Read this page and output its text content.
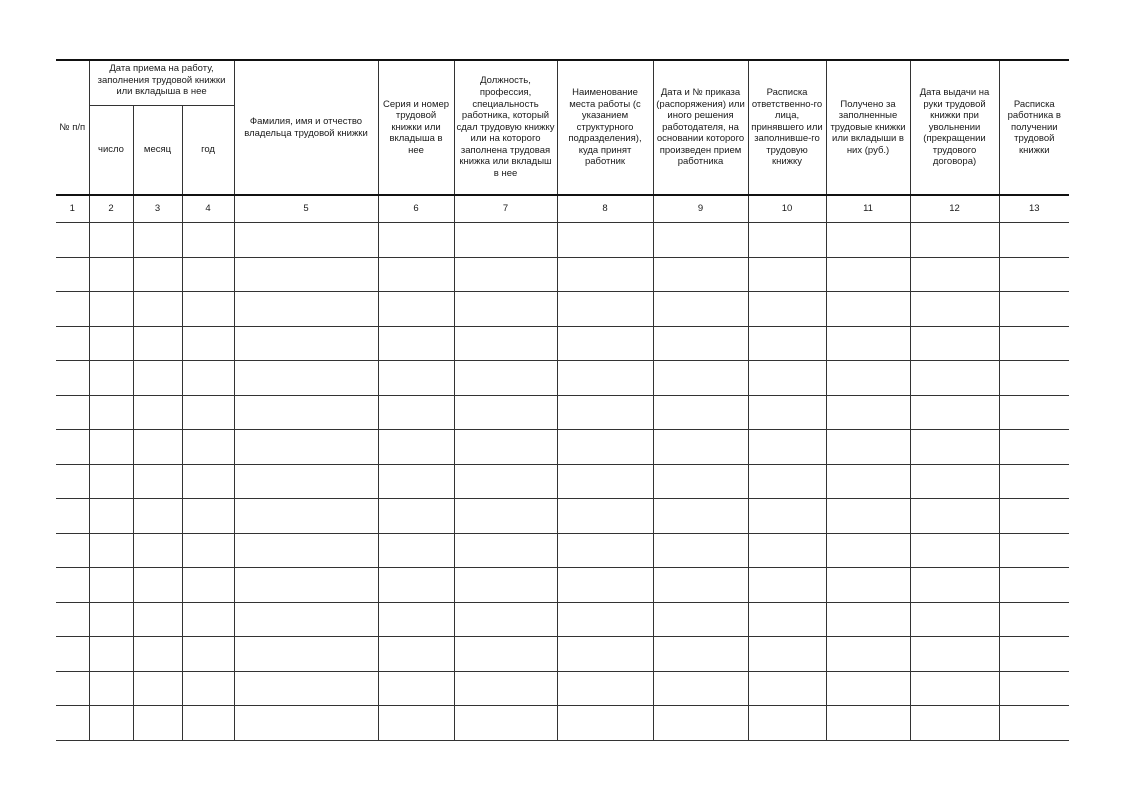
№ п/п	Дата приема на работу, заполнения трудовой книжки или вкладыша в нее			Фамилия, имя и отчество владельца трудовой книжки	Серия и номер трудовой книжки или вкладыша в нее	Должность, профессия, специальность работника, который сдал трудовую книжку или на которого заполнена трудовая книжка или вкладыш в нее	Наименование места работы (с указанием структурного подразделения), куда принят работник	Дата и № приказа (распоряжения) или иного решения работодателя, на основании которого произведен прием работника	Расписка ответственно-го лица, принявшего или заполнивше-го трудовую книжку	Получено за заполненные трудовые книжки или вкладыши в них (руб.)	Дата выдачи на руки трудовой книжки при увольнении (прекращении трудового договора)	Расписка работника в получении трудовой книжки
	число	месяц	год									
1	2	3	4	5	6	7	8	9	10	11	12	13
